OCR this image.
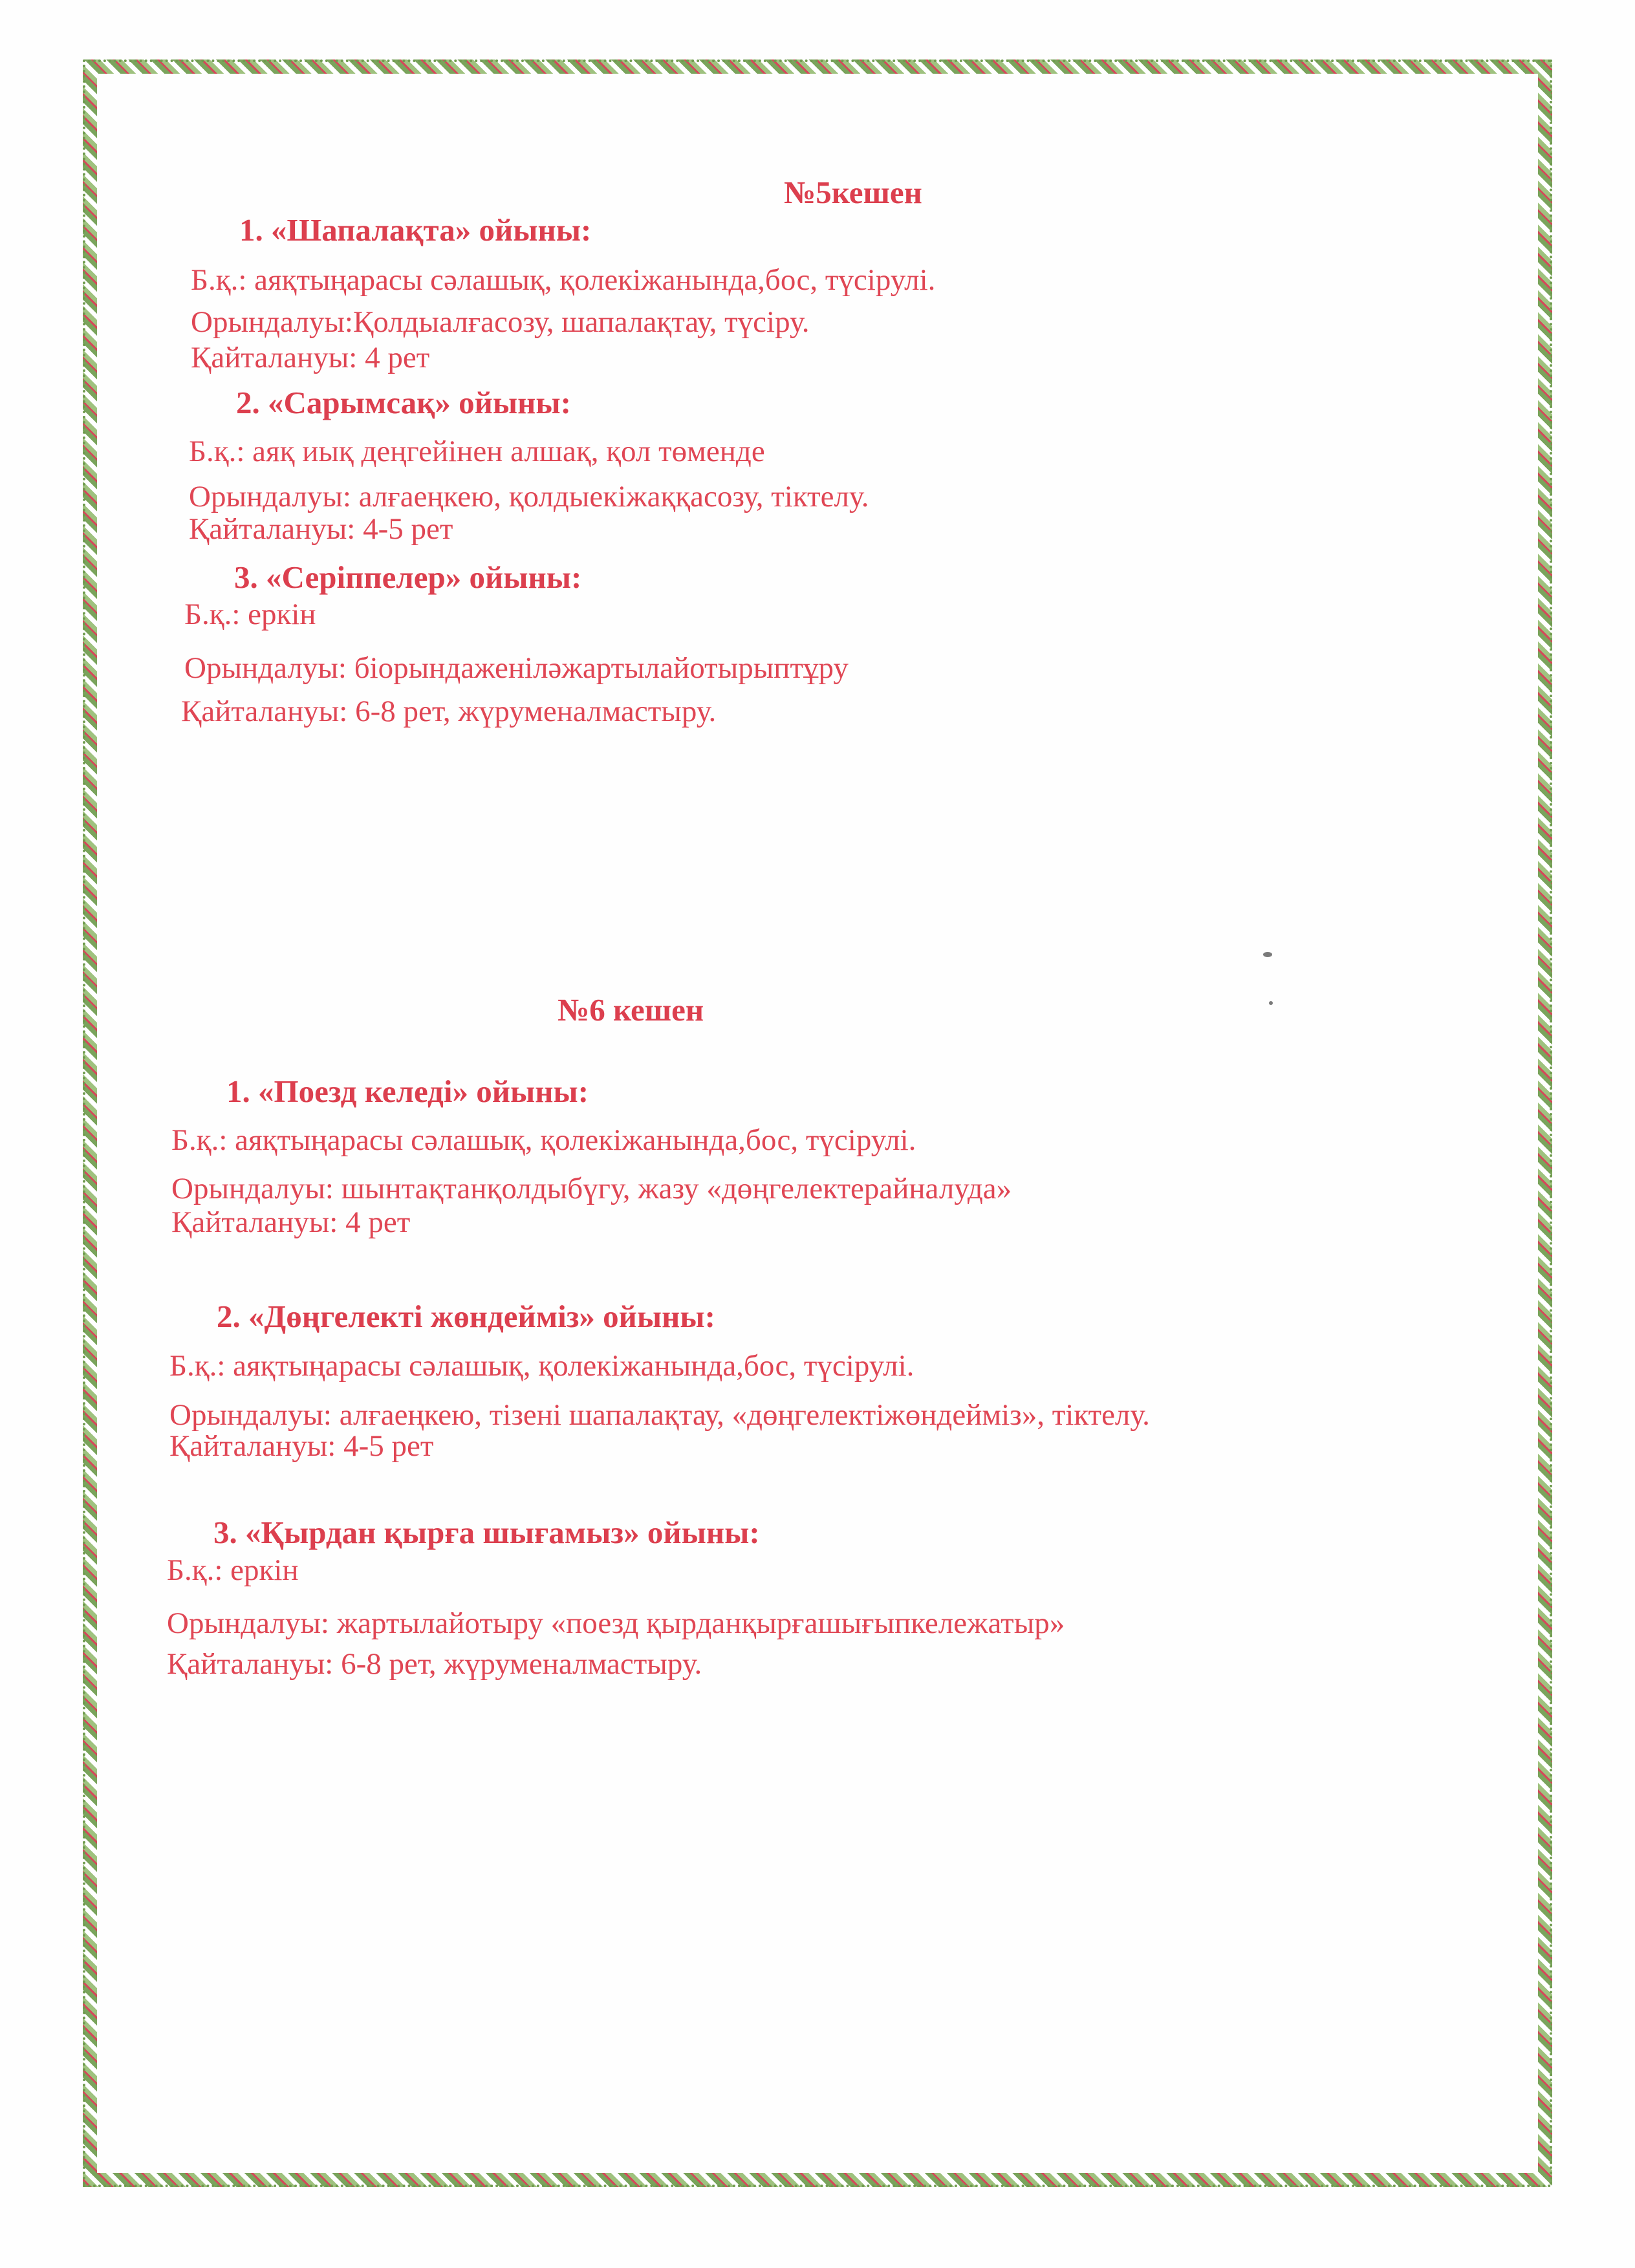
№5кешен
1. «Шапалақта» ойыны:
Б.қ.: аяқтыңарасы сәлашық, қолекіжанында,бос, түсірулі.
Орындалуы:Қолдыалғасозу, шапалақтау, түсіру.
Қайталануы: 4 рет
2. «Сарымсақ» ойыны:
Б.қ.: аяқ иық деңгейінен алшақ, қол төменде
Орындалуы: алғаеңкею, қолдыекіжаққасозу, тіктелу.
Қайталануы: 4-5 рет
3. «Серіппелер» ойыны:
Б.қ.: еркін
Орындалуы: біорындаженіләжартылайотырыптұру
Қайталануы: 6-8 рет, жүруменалмастыру.
№6 кешен
1. «Поезд келеді» ойыны:
Б.қ.: аяқтыңарасы сәлашық, қолекіжанында,бос, түсірулі.
Орындалуы: шынтақтанқолдыбүгу, жазу «дөңгелектерайналуда»
Қайталануы: 4 рет
2. «Дөңгелекті жөндейміз» ойыны:
Б.қ.: аяқтыңарасы сәлашық, қолекіжанында,бос, түсірулі.
Орындалуы: алғаеңкею, тізені шапалақтау, «дөңгелектіжөндейміз», тіктелу.
Қайталануы: 4-5 рет
3. «Қырдан қырға шығамыз» ойыны:
Б.қ.: еркін
Орындалуы: жартылайотыру «поезд қырданқырғашығыпкележатыр»
Қайталануы: 6-8 рет, жүруменалмастыру.
